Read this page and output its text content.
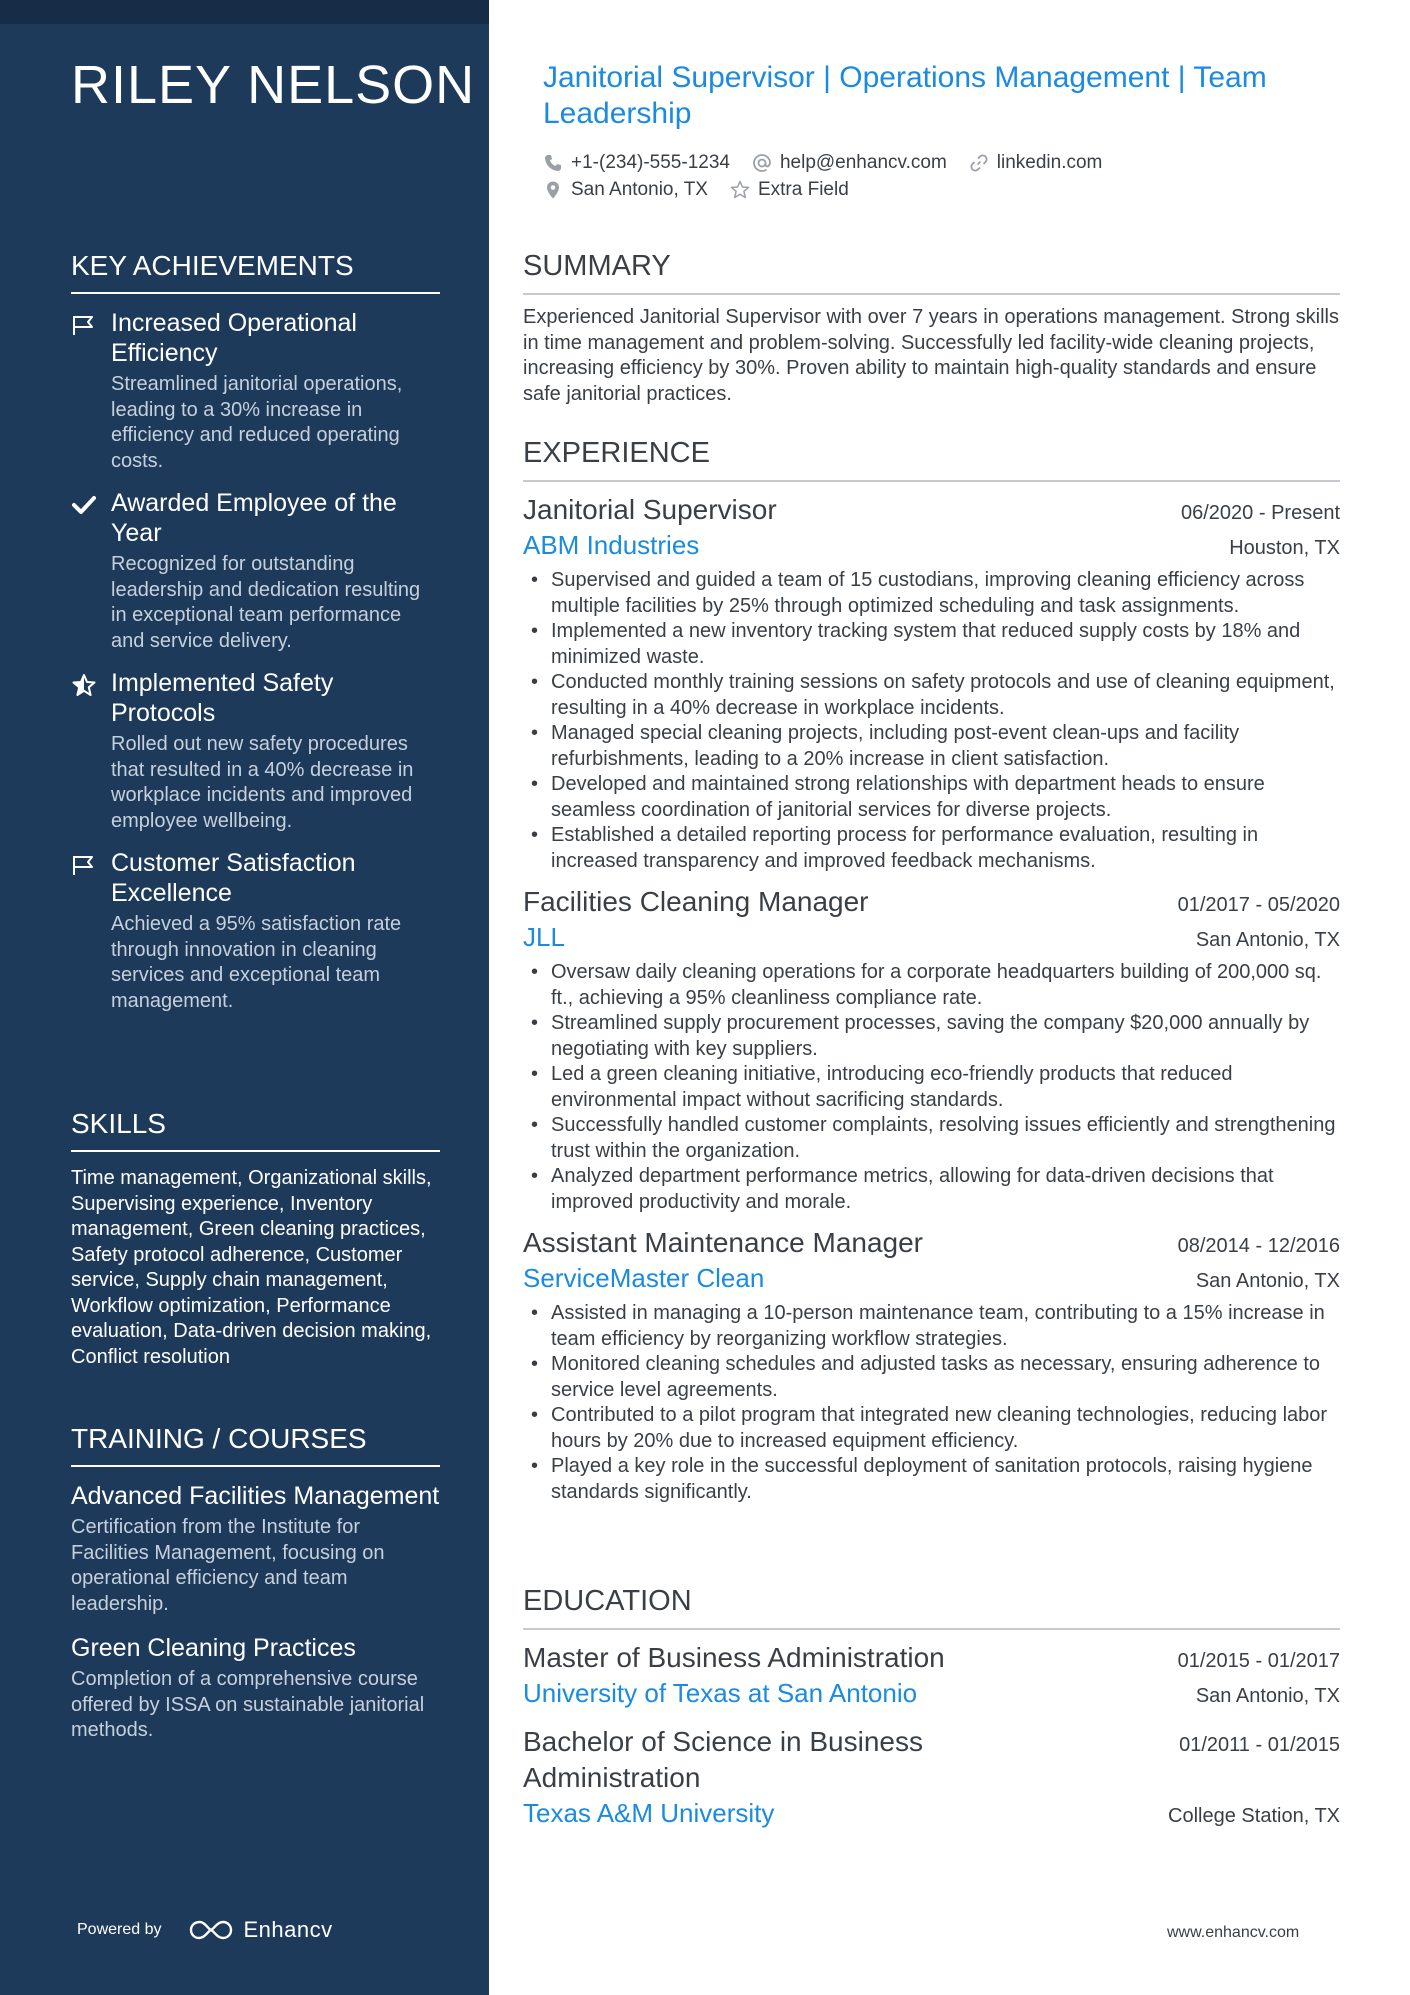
RILEY NELSON
KEY ACHIEVEMENTS
Increased Operational Efficiency
Streamlined janitorial operations, leading to a 30% increase in efficiency and reduced operating costs.
Awarded Employee of the Year
Recognized for outstanding leadership and dedication resulting in exceptional team performance and service delivery.
Implemented Safety Protocols
Rolled out new safety procedures that resulted in a 40% decrease in workplace incidents and improved employee wellbeing.
Customer Satisfaction Excellence
Achieved a 95% satisfaction rate through innovation in cleaning services and exceptional team management.
SKILLS
Time management, Organizational skills, Supervising experience, Inventory management, Green cleaning practices, Safety protocol adherence, Customer service, Supply chain management, Workflow optimization, Performance evaluation, Data-driven decision making, Conflict resolution
TRAINING / COURSES
Advanced Facilities Management
Certification from the Institute for Facilities Management, focusing on operational efficiency and team leadership.
Green Cleaning Practices
Completion of a comprehensive course offered by ISSA on sustainable janitorial methods.
Powered by	Enhancv
Janitorial Supervisor | Operations Management | Team Leadership
+1-(234)-555-1234	help@enhancv.com	linkedin.com
San Antonio, TX	Extra Field
SUMMARY
Experienced Janitorial Supervisor with over 7 years in operations management. Strong skills in time management and problem-solving. Successfully led facility-wide cleaning projects, increasing efficiency by 30%. Proven ability to maintain high-quality standards and ensure safe janitorial practices.
EXPERIENCE
Janitorial Supervisor	06/2020 - Present
ABM Industries	Houston, TX
• Supervised and guided a team of 15 custodians, improving cleaning efficiency across multiple facilities by 25% through optimized scheduling and task assignments.
• Implemented a new inventory tracking system that reduced supply costs by 18% and minimized waste.
• Conducted monthly training sessions on safety protocols and use of cleaning equipment, resulting in a 40% decrease in workplace incidents.
• Managed special cleaning projects, including post-event clean-ups and facility refurbishments, leading to a 20% increase in client satisfaction.
• Developed and maintained strong relationships with department heads to ensure seamless coordination of janitorial services for diverse projects.
• Established a detailed reporting process for performance evaluation, resulting in increased transparency and improved feedback mechanisms.
Facilities Cleaning Manager	01/2017 - 05/2020
JLL	San Antonio, TX
• Oversaw daily cleaning operations for a corporate headquarters building of 200,000 sq. ft., achieving a 95% cleanliness compliance rate.
• Streamlined supply procurement processes, saving the company $20,000 annually by negotiating with key suppliers.
• Led a green cleaning initiative, introducing eco-friendly products that reduced environmental impact without sacrificing standards.
• Successfully handled customer complaints, resolving issues efficiently and strengthening trust within the organization.
• Analyzed department performance metrics, allowing for data-driven decisions that improved productivity and morale.
Assistant Maintenance Manager	08/2014 - 12/2016
ServiceMaster Clean	San Antonio, TX
• Assisted in managing a 10-person maintenance team, contributing to a 15% increase in team efficiency by reorganizing workflow strategies.
• Monitored cleaning schedules and adjusted tasks as necessary, ensuring adherence to service level agreements.
• Contributed to a pilot program that integrated new cleaning technologies, reducing labor hours by 20% due to increased equipment efficiency.
• Played a key role in the successful deployment of sanitation protocols, raising hygiene standards significantly.
EDUCATION
Master of Business Administration	01/2015 - 01/2017
University of Texas at San Antonio	San Antonio, TX
Bachelor of Science in Business Administration
01/2011 - 01/2015
Texas A&M University	College Station, TX
www.enhancv.com
